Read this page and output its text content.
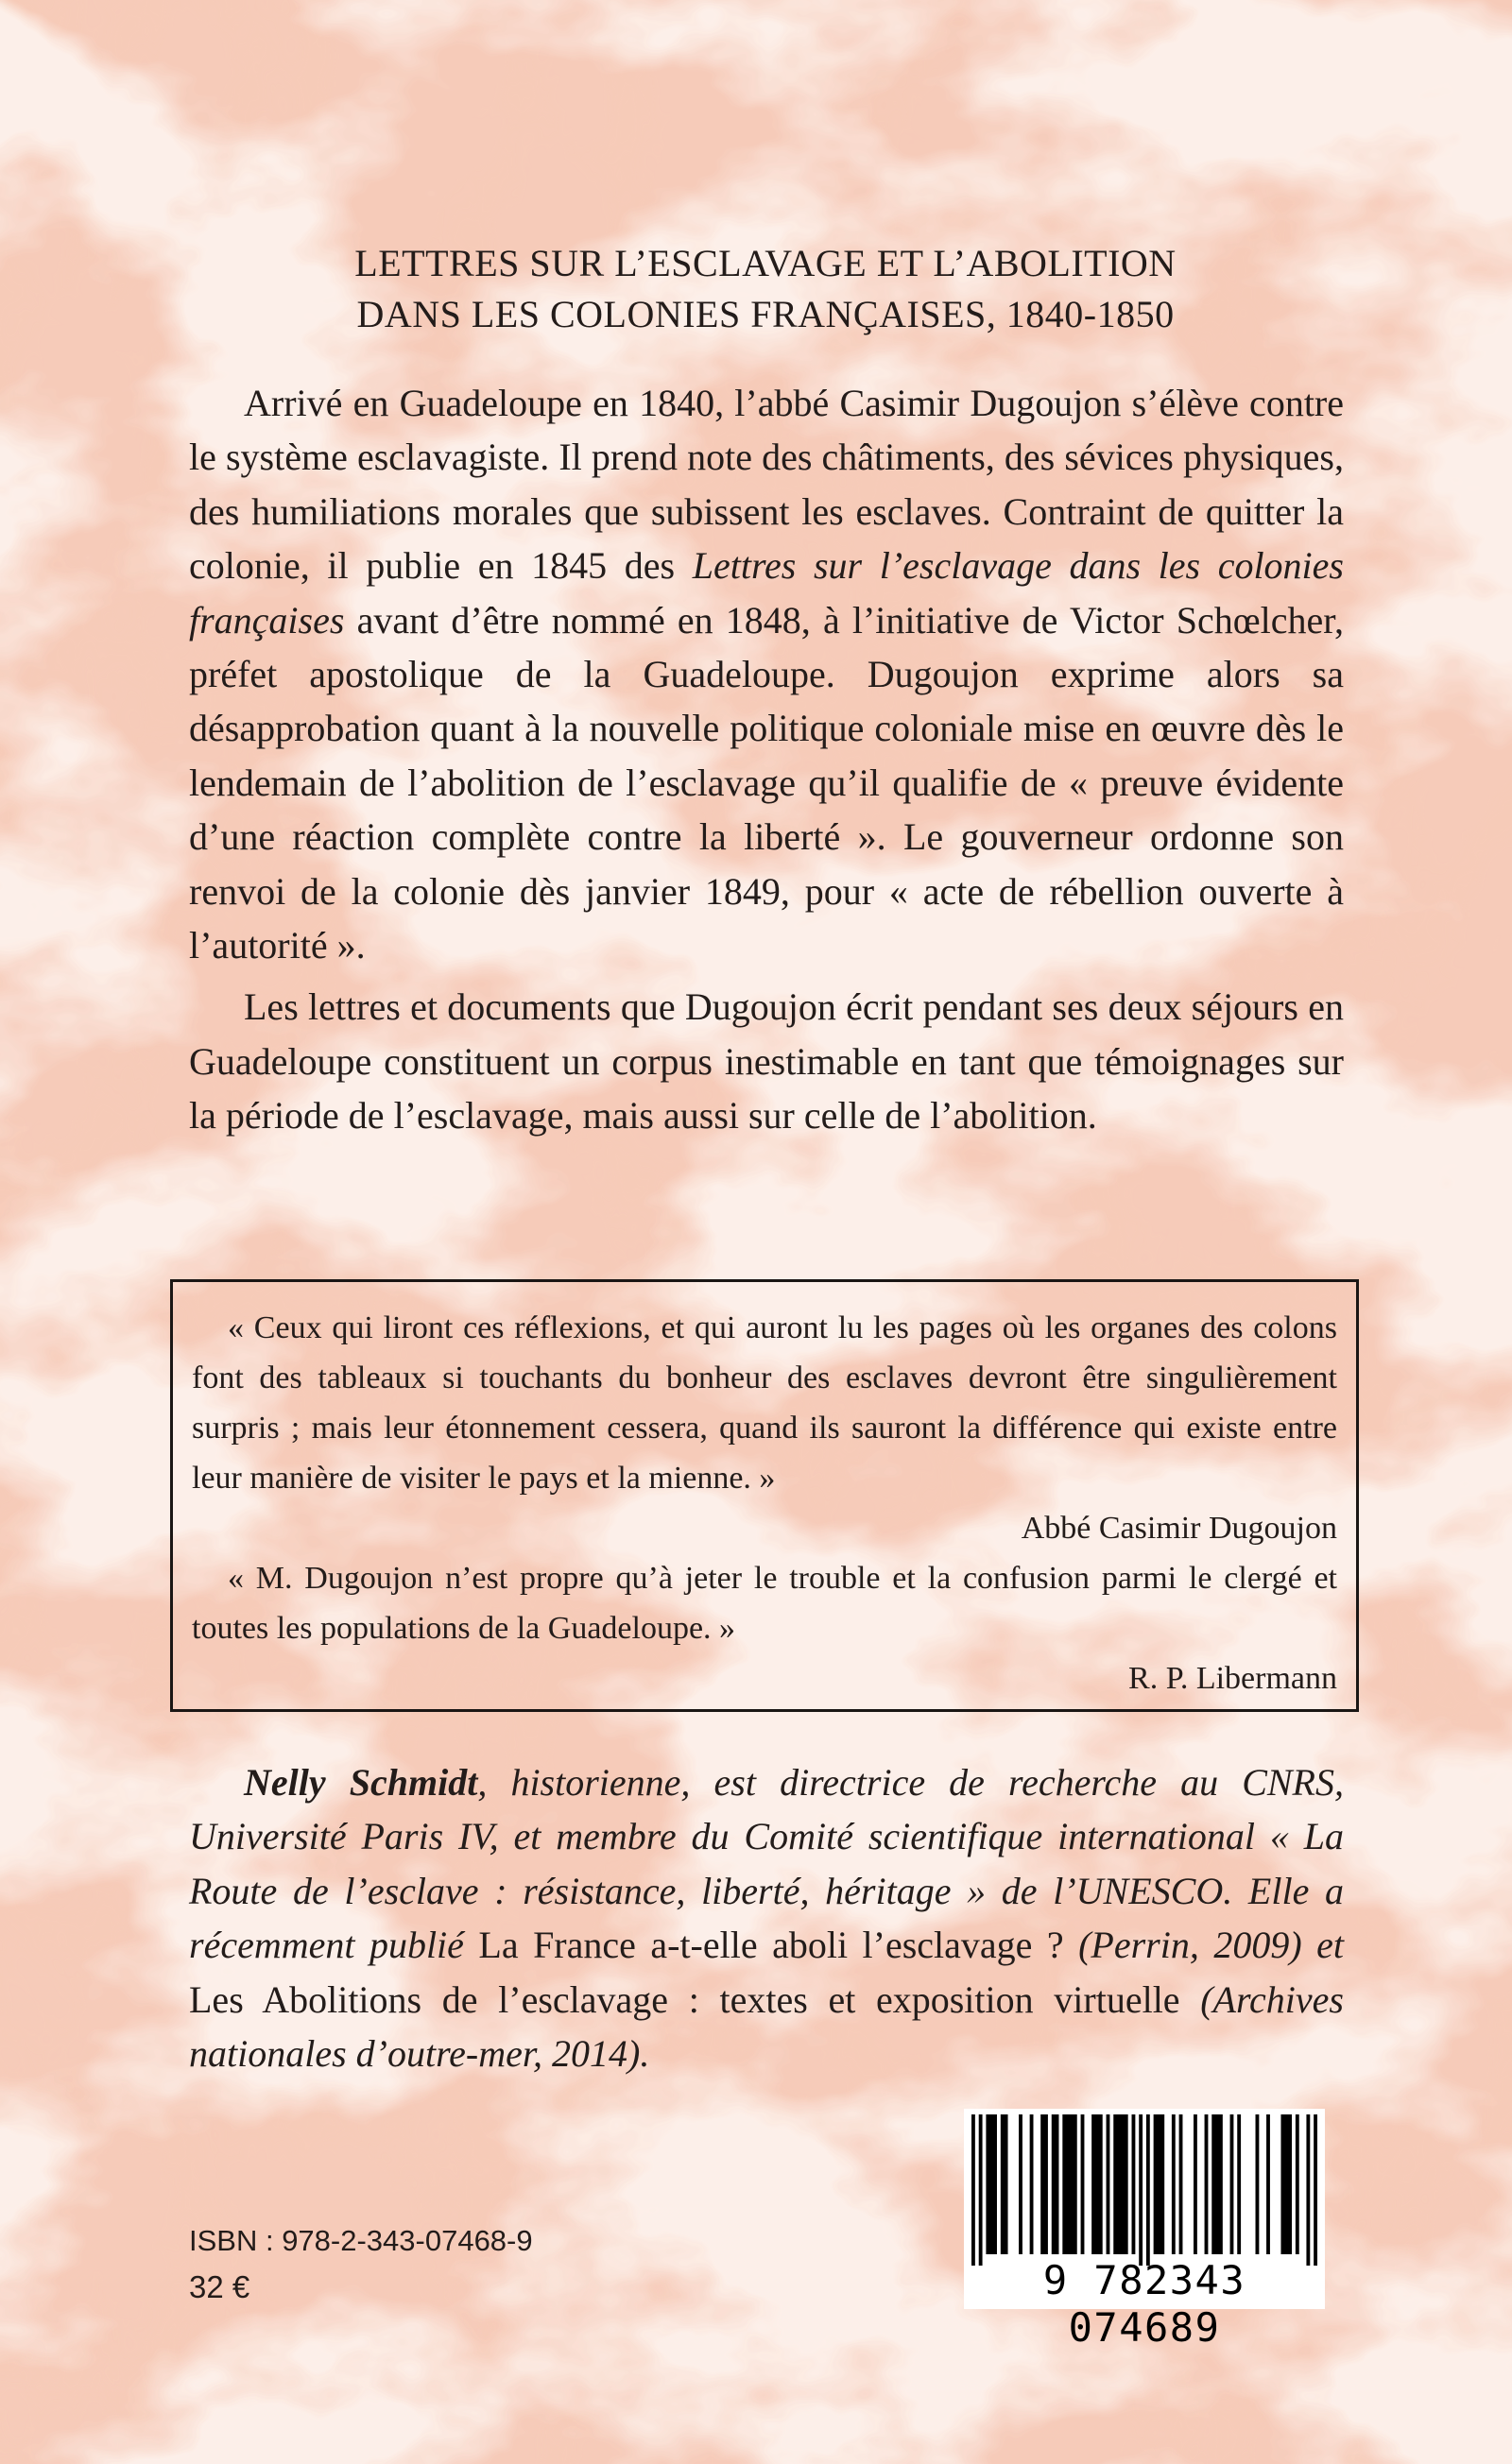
LETTRES SUR L’ESCLAVAGE ET L’ABOLITION
DANS LES COLONIES FRANÇAISES, 1840-1850

Arrivé en Guadeloupe en 1840, l’abbé Casimir Dugoujon s’élève contre le système esclavagiste. Il prend note des châtiments, des sévices physiques, des humiliations morales que subissent les esclaves. Contraint de quitter la colonie, il publie en 1845 des Lettres sur l’esclavage dans les colonies françaises avant d’être nommé en 1848, à l’initiative de Victor Schœlcher, préfet apostolique de la Guadeloupe. Dugoujon exprime alors sa désapprobation quant à la nouvelle politique coloniale mise en œuvre dès le lendemain de l’abolition de l’esclavage qu’il qualifie de « preuve évidente d’une réaction complète contre la liberté ». Le gouverneur ordonne son renvoi de la colonie dès janvier 1849, pour « acte de rébellion ouverte à l’autorité ».

Les lettres et documents que Dugoujon écrit pendant ses deux séjours en Guadeloupe constituent un corpus inestimable en tant que témoignages sur la période de l’esclavage, mais aussi sur celle de l’abolition.

« Ceux qui liront ces réflexions, et qui auront lu les pages où les organes des colons font des tableaux si touchants du bonheur des esclaves devront être singulièrement surpris ; mais leur étonnement cessera, quand ils sauront la différence qui existe entre leur manière de visiter le pays et la mienne. »

Abbé Casimir Dugoujon

« M. Dugoujon n’est propre qu’à jeter le trouble et la confusion parmi le clergé et toutes les populations de la Guadeloupe. »

R. P. Libermann

Nelly Schmidt, historienne, est directrice de recherche au CNRS, Université Paris IV, et membre du Comité scientifique international « La Route de l’esclave : résistance, liberté, héritage » de l’UNESCO. Elle a récemment publié La France a-t-elle aboli l’esclavage ? (Perrin, 2009) et Les Abolitions de l’esclavage : textes et exposition virtuelle (Archives nationales d’outre-mer, 2014).

ISBN : 978-2-343-07468-9
32 €	9 782343 074689
